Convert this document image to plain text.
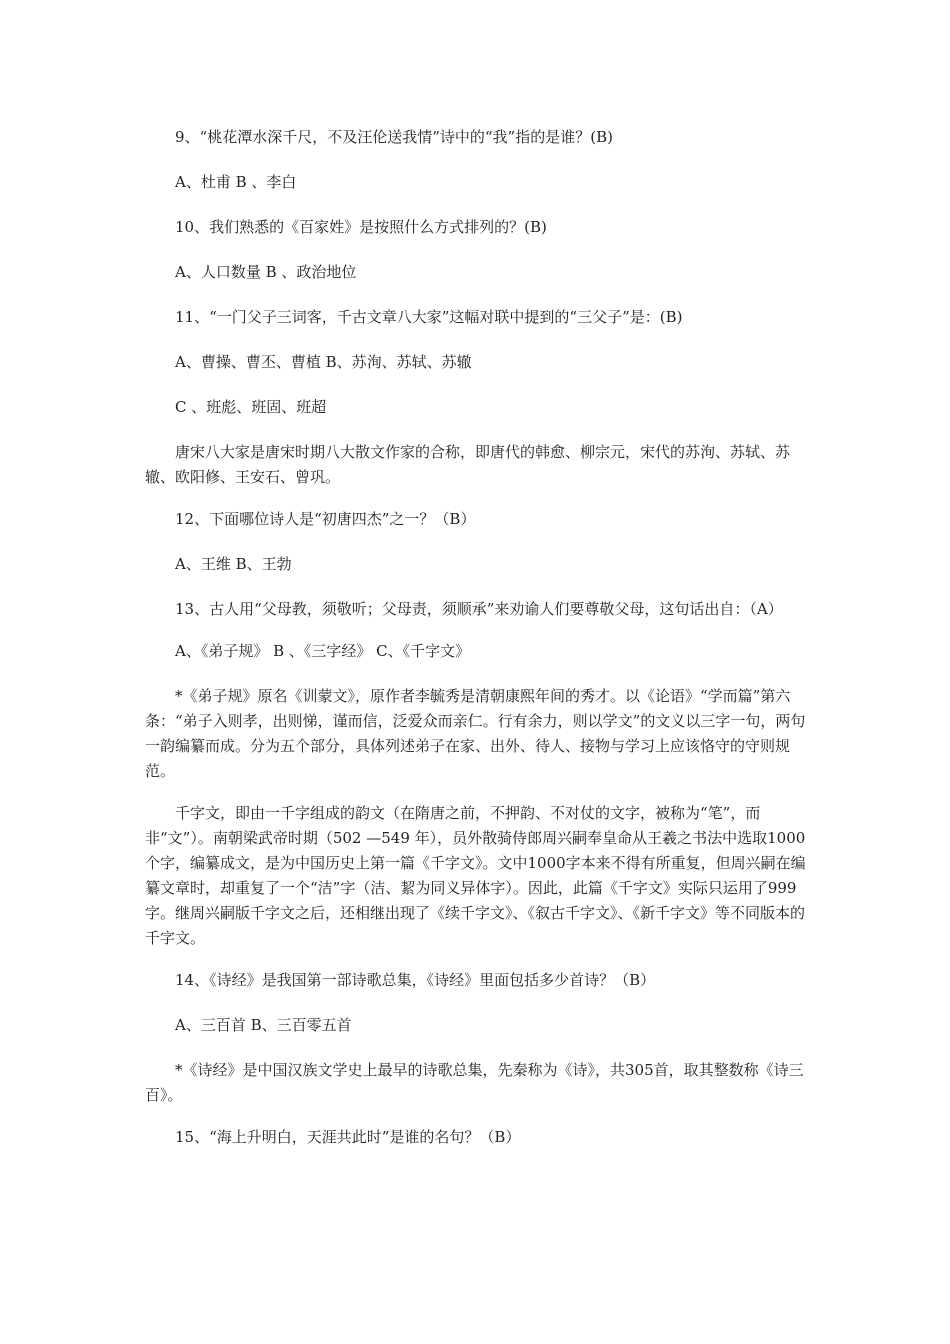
9、“桃花潭水深千尺，不及汪伦送我情”诗中的“我”指的是谁？(B)

A、杜甫 B 、李白

10、我们熟悉的《百家姓》是按照什么方式排列的？(B)

A、人口数量 B 、政治地位

11、“一门父子三词客，千古文章八大家”这幅对联中提到的“三父子”是：(B)

A、曹操、曹丕、曹植 B、苏洵、苏轼、苏辙

C 、班彪、班固、班超

唐宋八大家是唐宋时期八大散文作家的合称，即唐代的韩愈、柳宗元，宋代的苏洵、苏轼、苏辙、欧阳修、王安石、曾巩。

12、下面哪位诗人是“初唐四杰”之一？（B）

A、王维 B、王勃

13、古人用“父母教，须敬听；父母责，须顺承”来劝谕人们要尊敬父母，这句话出自：（A）

A、《弟子规》 B 、《三字经》 C、《千字文》

*《弟子规》原名《训蒙文》，原作者李毓秀是清朝康熙年间的秀才。以《论语》“学而篇”第六条：“弟子入则孝，出则悌，谨而信，泛爱众而亲仁。行有余力，则以学文”的文义以三字一句，两句一韵编纂而成。分为五个部分，具体列述弟子在家、出外、待人、接物与学习上应该恪守的守则规范。

千字文，即由一千字组成的韵文（在隋唐之前，不押韵、不对仗的文字，被称为“笔”，而非“文”）。南朝梁武帝时期（502 —549 年），员外散骑侍郎周兴嗣奉皇命从王羲之书法中选取1000个字，编纂成文，是为中国历史上第一篇《千字文》。文中1000字本来不得有所重复，但周兴嗣在编纂文章时，却重复了一个“洁”字（洁、絜为同义异体字）。因此，此篇《千字文》实际只运用了999字。继周兴嗣版千字文之后，还相继出现了《续千字文》、《叙古千字文》、《新千字文》等不同版本的千字文。

14、《诗经》是我国第一部诗歌总集，《诗经》里面包括多少首诗？（B）

A、三百首 B、三百零五首

*《诗经》是中国汉族文学史上最早的诗歌总集，先秦称为《诗》，共305首，取其整数称《诗三百》。

15、“海上升明白，天涯共此时”是谁的名句？（B）
